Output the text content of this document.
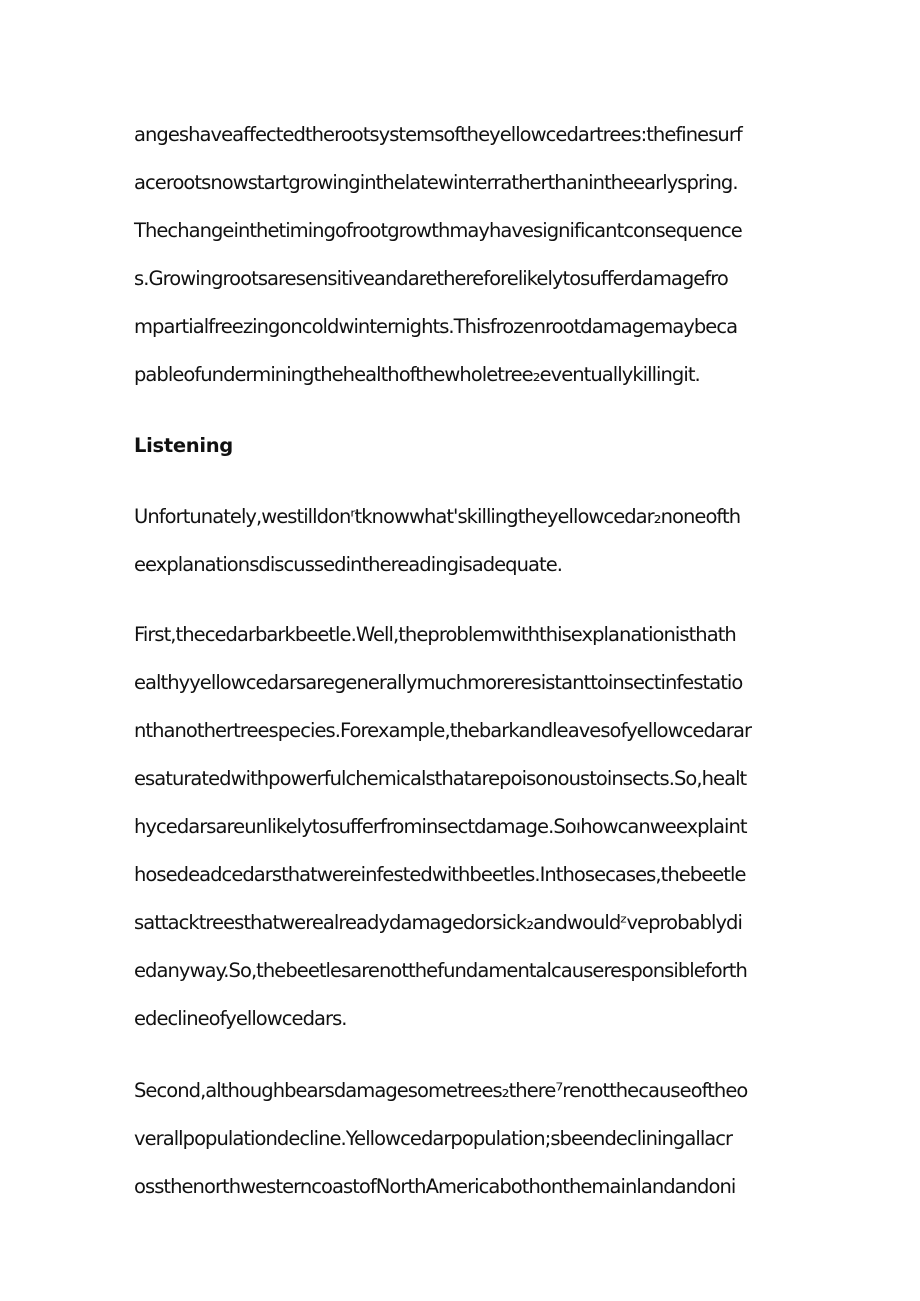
angeshaveaffectedtherootsystemsoftheyellowcedartrees:thefinesurf
acerootsnowstartgrowinginthelatewinterratherthanintheearlyspring.
Thechangeinthetimingofrootgrowthmayhavesignificantconsequence
s.Growingrootsaresensitiveandarethereforelikelytosufferdamagefro
mpartialfreezingoncoldwinternights.Thisfrozenrootdamagemaybeca
pableofunderminingthehealthofthewholetree₂eventuallykillingit.
Listening
Unfortunately,westilldonʳtknowwhat'skillingtheyellowcedar₂noneofth
eexplanationsdiscussedinthereadingisadequate.
First,thecedarbarkbeetle.Well,theproblemwiththisexplanationisthath
ealthyyellowcedarsaregenerallymuchmoreresistanttoinsectinfestatio
nthanothertreespecies.Forexample,thebarkandleavesofyellowcedarar
esaturatedwithpowerfulchemicalsthatarepoisonoustoinsects.So,healt
hycedarsareunlikelytosufferfrominsectdamage.Soıhowcanweexplaint
hosedeadcedarsthatwereinfestedwithbeetles.Inthosecases,thebeetle
sattacktreesthatwerealreadydamagedorsick₂andwouldᶻveprobablydi
edanyway.So,thebeetlesarenotthefundamentalcauseresponsibleforth
edeclineofyellowcedars.
Second,althoughbearsdamagesometrees₂there⁷renotthecauseoftheo
verallpopulationdecline.Yellowcedarpopulation;sbeendecliningallacr
ossthenorthwesterncoastofNorthAmericabothonthemainlandandoni
